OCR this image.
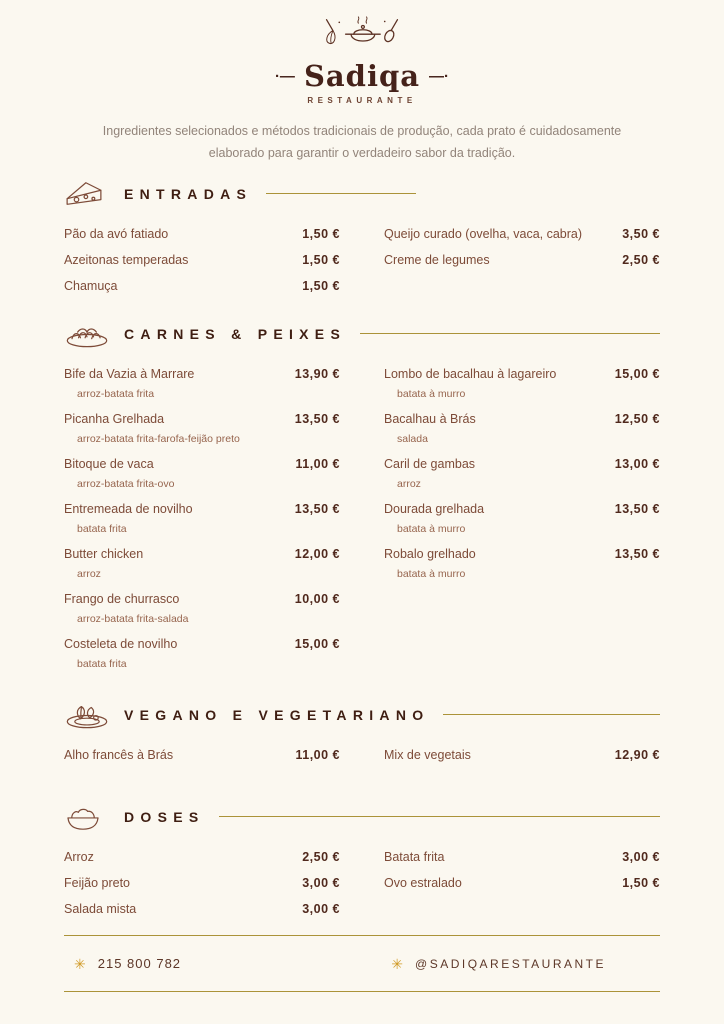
·— Sadiqa —·
RESTAURANTE

Ingredientes selecionados e métodos tradicionais de produção, cada prato é cuidadosamente elaborado para garantir o verdadeiro sabor da tradição.

ENTRADAS
Pão da avó fatiado	1,50 €
Azeitonas temperadas	1,50 €
Chamuça	1,50 €
Queijo curado (ovelha, vaca, cabra)	3,50 €
Creme de legumes	2,50 €
CARNES & PEIXES
Bife da Vazia à Marrare	13,90 €
arroz-batata frita
Picanha Grelhada	13,50 €
arroz-batata frita-farofa-feijão preto
Bitoque de vaca	11,00 €
arroz-batata frita-ovo
Entremeada de novilho	13,50 €
batata frita
Butter chicken	12,00 €
arroz
Frango de churrasco	10,00 €
arroz-batata frita-salada
Costeleta de novilho	15,00 €
batata frita
Lombo de bacalhau à lagareiro	15,00 €
batata à murro
Bacalhau à Brás	12,50 €
salada
Caril de gambas	13,00 €
arroz
Dourada grelhada	13,50 €
batata à murro
Robalo grelhado	13,50 €
batata à murro
VEGANO E VEGETARIANO
Alho francês à Brás	11,00 €	Mix de vegetais	12,90 €
DOSES
Arroz	2,50 €
Feijão preto	3,00 €
Salada mista	3,00 €
Batata frita	3,00 €
Ovo estralado	1,50 €
✳ 215 800 782	✳ @SADIQARESTAURANTE
